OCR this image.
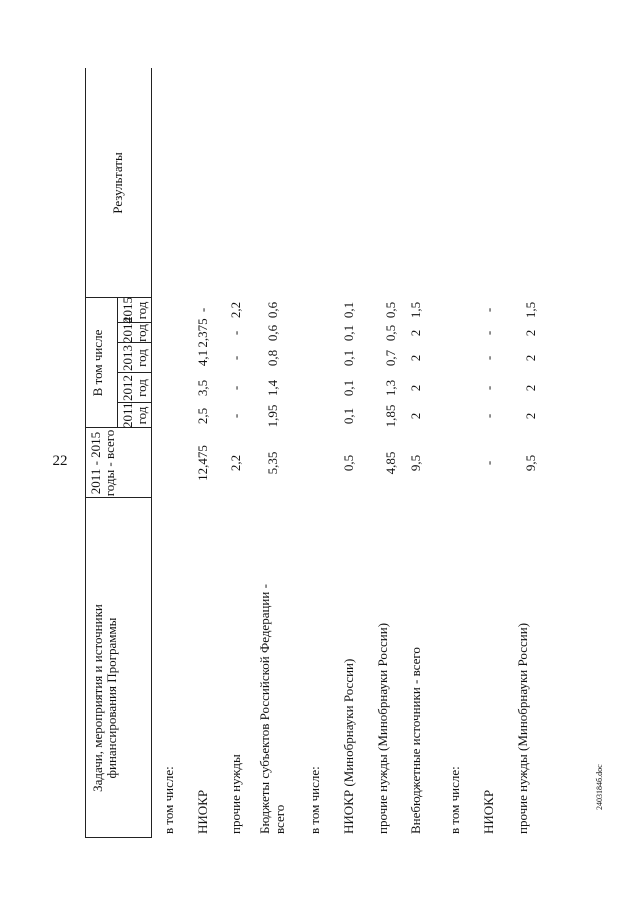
22
2403184б.doc
Задачи, мероприятия и источники финансирования Программы
2011 - 2015 годы - всего
В том числе
Результаты
2011 год
2012 год
2013 год
2014 год
2015 год
в том числе: НИОКР
12,475
2,5
3,5
4,1
2,375
-
прочие нужды
2,2
-
-
-
-
2,2
Бюджеты субъектов Российской Федерации - всего
5,35
1,95
1,4
0,8
0,6
0,6
в том числе: НИОКР (Минобрнауки России)
0,5
0,1
0,1
0,1
0,1
0,1
прочие нужды (Минобрнауки России)
4,85
1,85
1,3
0,7
0,5
0,5
Внебюджетные источники - всего
9,5
2
2
2
2
1,5
в том числе: НИОКР
-
-
-
-
-
-
прочие нужды (Минобрнауки России)
9,5
2
2
2
2
1,5
